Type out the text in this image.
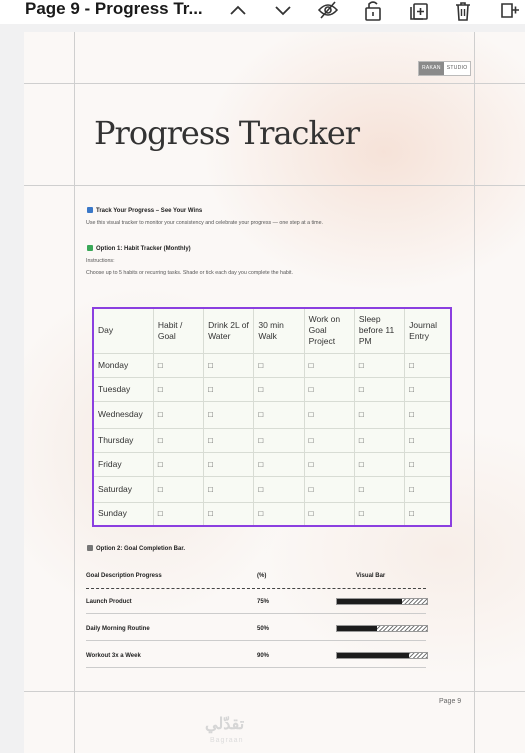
Page 9 - Progress Tr...
RAKAN	STUDIO
Progress Tracker
Track Your Progress – See Your Wins
Use this visual tracker to monitor your consistency and celebrate your progress — one step at a time.
Option 1: Habit Tracker (Monthly)
Instructions:
Choose up to 5 habits or recurring tasks. Shade or tick each day you complete the habit.
Day	Habit / Goal	Drink 2L of Water	30 min Walk	Work on Goal Project	Sleep before 11 PM	Journal Entry
Monday	□	□	□	□	□	□
Tuesday	□	□	□	□	□	□
Wednesday	□	□	□	□	□	□
Thursday	□	□	□	□	□	□
Friday	□	□	□	□	□	□
Saturday	□	□	□	□	□	□
Sunday	□	□	□	□	□	□
Option 2: Goal Completion Bar.
Goal Description Progress	(%)	Visual Bar
Launch Product	75%
Daily Morning Routine	50%
Workout 3x a Week	90%
Page 9
تقدّلي
Bagraan
